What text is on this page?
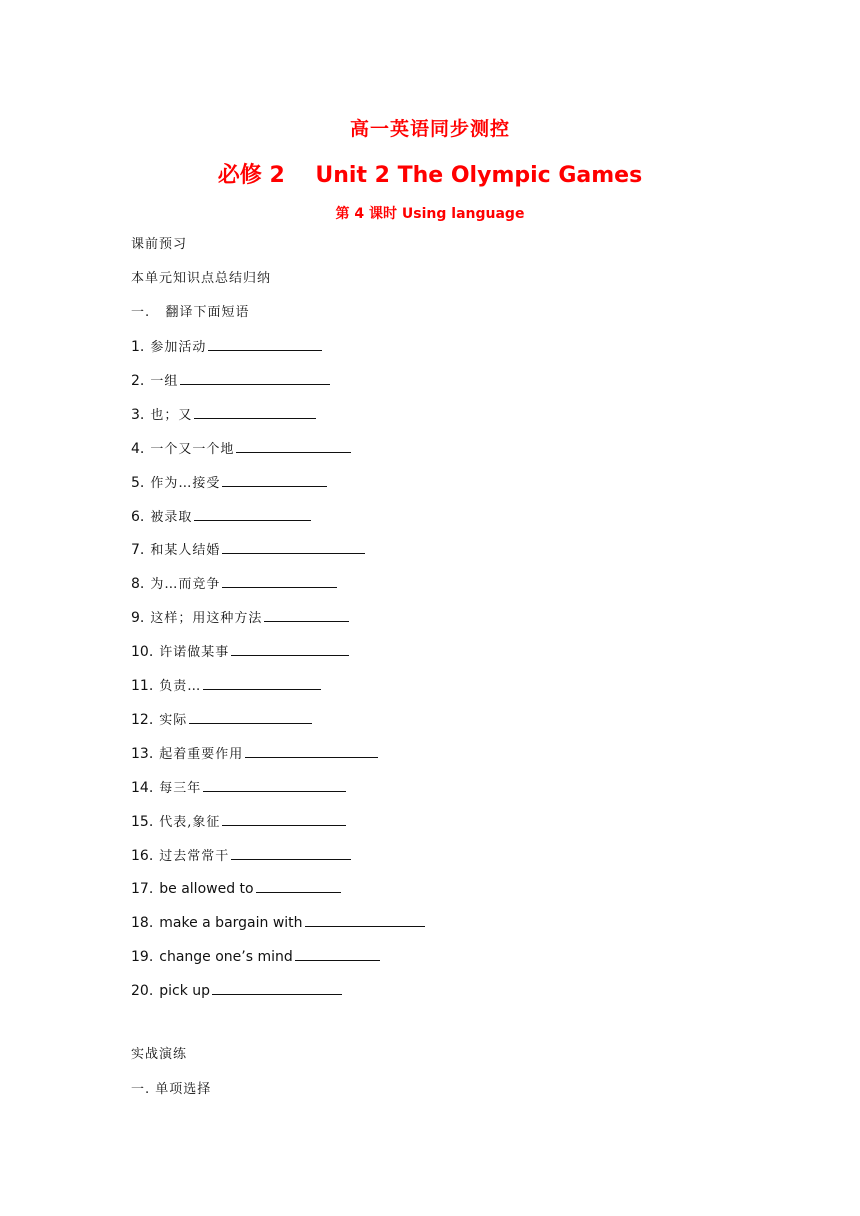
高一英语同步测控
必修 2    Unit 2 The Olympic Games
第 4 课时 Using language
课前预习
本单元知识点总结归纳
一.   翻译下面短语
1. 参加活动
2. 一组
3. 也；又
4. 一个又一个地
5. 作为…接受
6. 被录取
7. 和某人结婚
8. 为…而竞争
9. 这样；用这种方法
10. 许诺做某事
11. 负责…
12. 实际
13. 起着重要作用
14. 每三年
15. 代表,象征
16. 过去常常干
17. be allowed to
18. make a bargain with
19. change one’s mind
20. pick up
实战演练
一. 单项选择
